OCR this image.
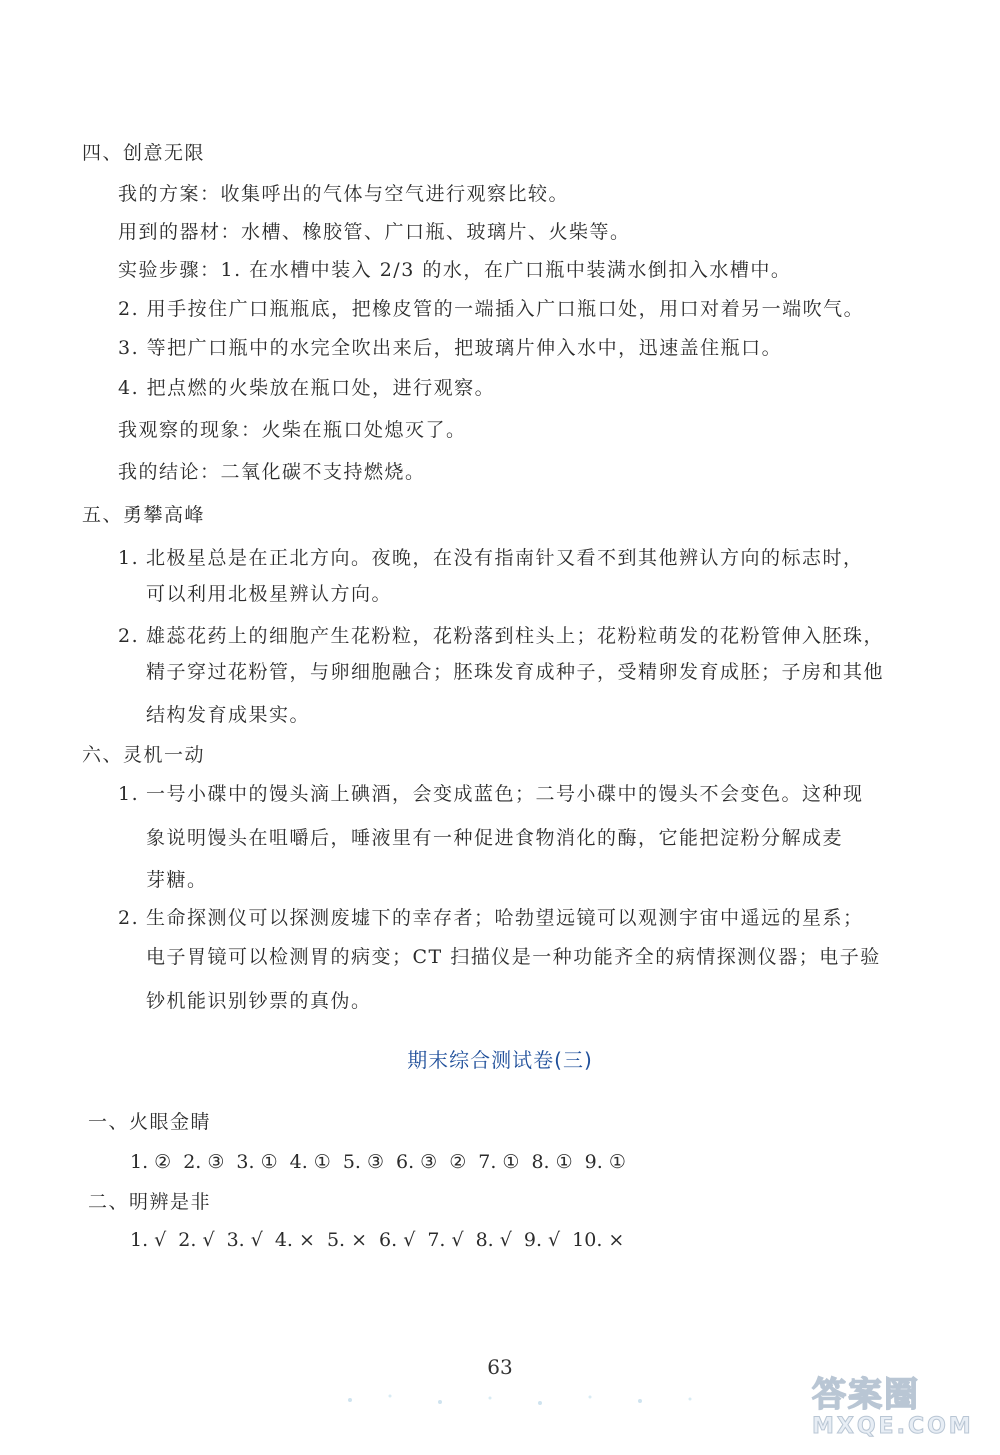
四、创意无限
我的方案：收集呼出的气体与空气进行观察比较。
用到的器材：水槽、橡胶管、广口瓶、玻璃片、火柴等。
实验步骤：1. 在水槽中装入 2/3 的水，在广口瓶中装满水倒扣入水槽中。
2. 用手按住广口瓶瓶底，把橡皮管的一端插入广口瓶口处，用口对着另一端吹气。
3. 等把广口瓶中的水完全吹出来后，把玻璃片伸入水中，迅速盖住瓶口。
4. 把点燃的火柴放在瓶口处，进行观察。
我观察的现象：火柴在瓶口处熄灭了。
我的结论：二氧化碳不支持燃烧。
五、勇攀高峰
1. 北极星总是在正北方向。夜晚，在没有指南针又看不到其他辨认方向的标志时，
可以利用北极星辨认方向。
2. 雄蕊花药上的细胞产生花粉粒，花粉落到柱头上；花粉粒萌发的花粉管伸入胚珠，
精子穿过花粉管，与卵细胞融合；胚珠发育成种子，受精卵发育成胚；子房和其他
结构发育成果实。
六、灵机一动
1. 一号小碟中的馒头滴上碘酒，会变成蓝色；二号小碟中的馒头不会变色。这种现
象说明馒头在咀嚼后，唾液里有一种促进食物消化的酶，它能把淀粉分解成麦
芽糖。
2. 生命探测仪可以探测废墟下的幸存者；哈勃望远镜可以观测宇宙中遥远的星系；
电子胃镜可以检测胃的病变；CT 扫描仪是一种功能齐全的病情探测仪器；电子验
钞机能识别钞票的真伪。
期末综合测试卷(三)
一、火眼金睛
1. ② 2. ③ 3. ① 4. ① 5. ③ 6. ③ ② 7. ① 8. ① 9. ①
二、明辨是非
1. √ 2. √ 3. √ 4. × 5. × 6. √ 7. √ 8. √ 9. √ 10. ×
63
答案圈
MXQE.COM
